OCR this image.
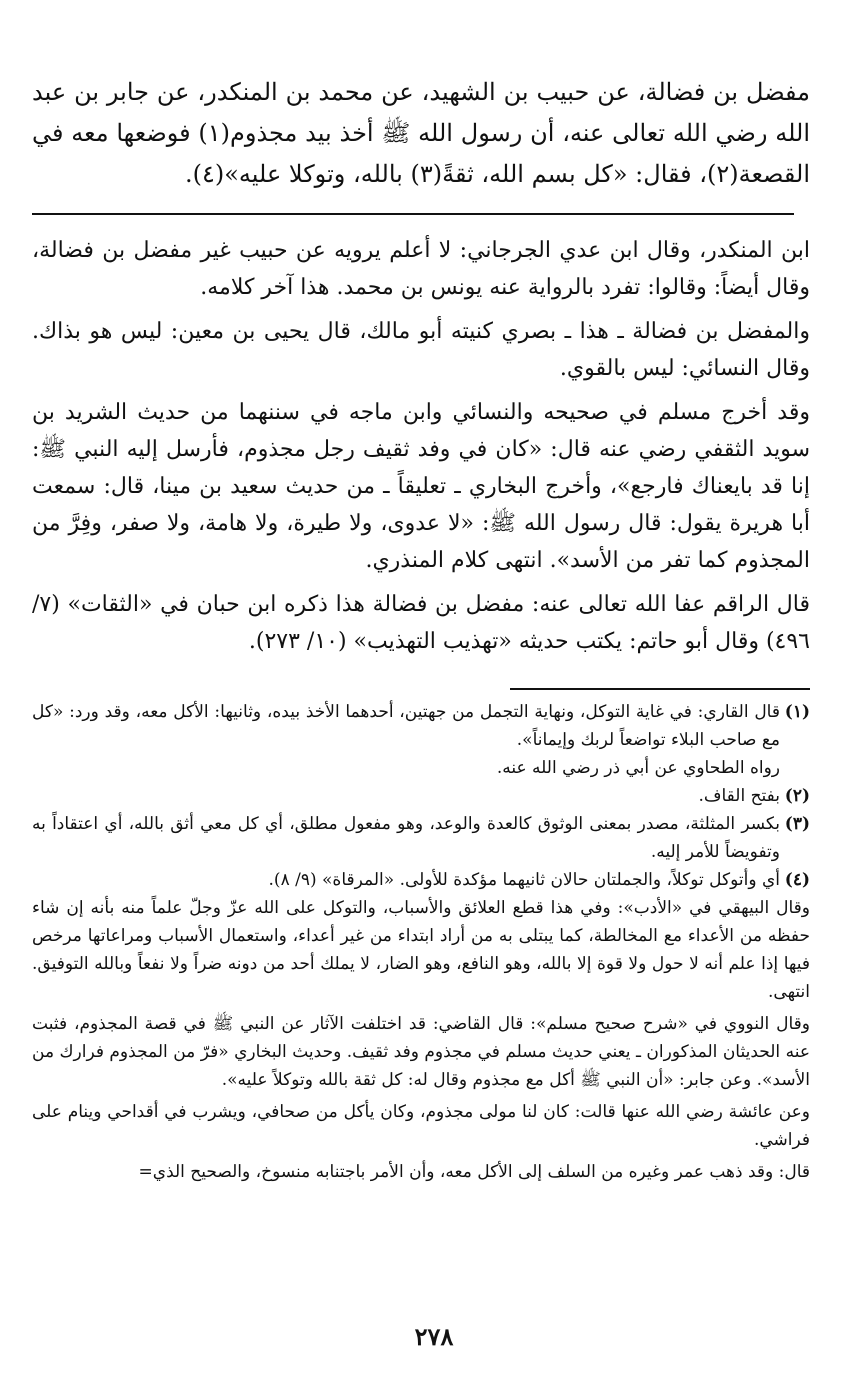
مفضل بن فضالة، عن حبيب بن الشهيد، عن محمد بن المنكدر، عن جابر بن عبد الله رضي الله تعالى عنه، أن رسول الله ﷺ أخذ بيد مجذوم(١) فوضعها معه في القصعة(٢)، فقال: «كل بسم الله، ثقةً(٣) بالله، وتوكلا عليه»(٤).

ابن المنكدر، وقال ابن عدي الجرجاني: لا أعلم يرويه عن حبيب غير مفضل بن فضالة، وقال أيضاً: وقالوا: تفرد بالرواية عنه يونس بن محمد. هذا آخر كلامه.

والمفضل بن فضالة ـ هذا ـ بصري كنيته أبو مالك، قال يحيى بن معين: ليس هو بذاك. وقال النسائي: ليس بالقوي.

وقد أخرج مسلم في صحيحه والنسائي وابن ماجه في سننهما من حديث الشريد بن سويد الثقفي رضي عنه قال: «كان في وفد ثقيف رجل مجذوم، فأرسل إليه النبي ﷺ: إنا قد بايعناك فارجع»، وأخرج البخاري ـ تعليقاً ـ من حديث سعيد بن مينا، قال: سمعت أبا هريرة يقول: قال رسول الله ﷺ: «لا عدوى، ولا طيرة، ولا هامة، ولا صفر، وفِرَّ من المجذوم كما تفر من الأسد». انتهى كلام المنذري.

قال الراقم عفا الله تعالى عنه: مفضل بن فضالة هذا ذكره ابن حبان في «الثقات» (٧/ ٤٩٦) وقال أبو حاتم: يكتب حديثه «تهذيب التهذيب» (١٠/ ٢٧٣).

(١)
قال القاري: في غاية التوكل، ونهاية التجمل من جهتين، أحدهما الأخذ بيده، وثانيها: الأكل معه، وقد ورد: «كل مع صاحب البلاء تواضعاً لربك وإيماناً».
رواه الطحاوي عن أبي ذر رضي الله عنه.
(٢)
بفتح القاف.
(٣)
بكسر المثلثة، مصدر بمعنى الوثوق كالعدة والوعد، وهو مفعول مطلق، أي كل معي أثق بالله، أي اعتقاداً به وتفويضاً للأمر إليه.
(٤)
أي وأتوكل توكلاً، والجملتان حالان ثانيهما مؤكدة للأولى. «المرقاة» (٩/ ٨).

وقال البيهقي في «الأدب»: وفي هذا قطع العلائق والأسباب، والتوكل على الله عزّ وجلّ علماً منه بأنه إن شاء حفظه من الأعداء مع المخالطة، كما يبتلى به من أراد ابتداء من غير أعداء، واستعمال الأسباب ومراعاتها مرخص فيها إذا علم أنه لا حول ولا قوة إلا بالله، وهو النافع، وهو الضار، لا يملك أحد من دونه ضراً ولا نفعاً وبالله التوفيق. انتهى.

وقال النووي في «شرح صحيح مسلم»: قال القاضي: قد اختلفت الآثار عن النبي ﷺ في قصة المجذوم، فثبت عنه الحديثان المذكوران ـ يعني حديث مسلم في مجذوم وفد ثقيف. وحديث البخاري «فرّ من المجذوم فرارك من الأسد». وعن جابر: «أن النبي ﷺ أكل مع مجذوم وقال له: كل ثقة بالله وتوكلاً عليه».

وعن عائشة رضي الله عنها قالت: كان لنا مولى مجذوم، وكان يأكل من صحافي، ويشرب في أقداحي وينام على فراشي.

قال: وقد ذهب عمر وغيره من السلف إلى الأكل معه، وأن الأمر باجتنابه منسوخ، والصحيح الذي=

٢٧٨
